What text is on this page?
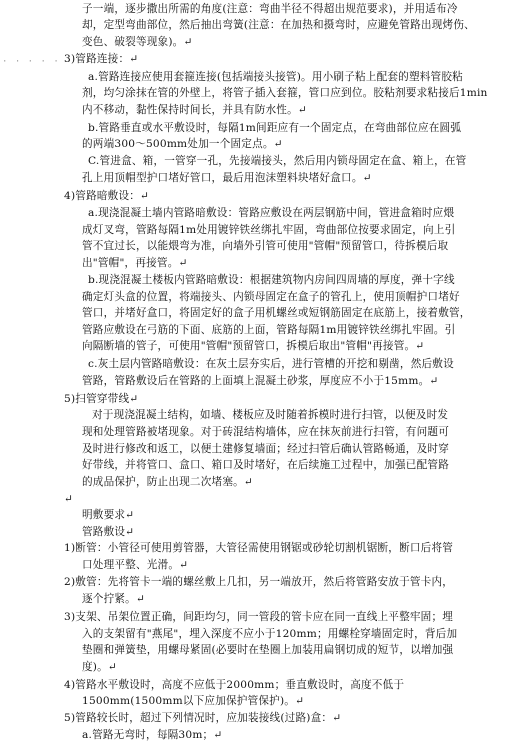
· · · · · · ·
子一端，逐步撒出所需的角度(注意：弯曲半径不得超出规范要求)，并用适布冷
却，定型弯曲部位，然后抽出弯簧(注意：在加热和摄弯时，应避免管路出现烤伤、
变色、破裂等现象)。↵
3)管路连接：↵
a.管路连接应使用套箍连接(包括端接头接管)。用小刷子粘上配套的塑料管胶粘
剂，均匀涂抹在管的外壁上，将管子插入套箍，管口应到位。胶粘剂要求粘接后1min
内不移动，黏性保持时间长，并具有防水性。↵
b.管路垂直或水平敷设时，每隔1m间距应有一个固定点，在弯曲部位应在圆弧
的两端300～500mm处加一个固定点。↵
C.管进盒、箱，一管穿一孔，先接端接头，然后用内锁母固定在盒、箱上，在管
孔上用顶帽型护口堵好管口，最后用泡沫塑料块堵好盒口。↵
4)管路暗敷设：↵
a.现浇混凝土墙内管路暗敷设：管路应敷设在两层钢筋中间，管进盒箱时应煨
成灯叉弯，管路每隔1m处用镀锌铁丝绑扎牢固，弯曲部位按要求固定，向上引
管不宜过长，以能煨弯为准，向墙外引管可使用"管帽"预留管口，待拆模后取
出"管帽"，再接管。↵
b.现浇混凝土楼板内管路暗敷设：根据建筑物内房间四周墙的厚度，弹十字线
确定灯头盒的位置，将端接头、内锁母固定在盒子的管孔上，使用顶帽护口堵好
管口，并堵好盒口，将固定好的盒子用机螺丝或短钢筋固定在底筋上，接着敷管，
管路应敷设在弓筋的下面、底筋的上面，管路每隔1m用镀锌铁丝绑扎牢固。引
向隔断墙的管子，可使用"管帽"预留管口，拆模后取出"管帽"再接管。↵
c.灰土层内管路暗敷设：在灰土层夯实后，进行管槽的开挖和剔凿，然后敷设
管路，管路敷设后在管路的上面填上混凝土砂浆，厚度应不小于15mm。↵
5)扫管穿带线↵
对于现浇混凝土结构，如墙、楼板应及时随着拆模时进行扫管，以便及时发
现和处理管路被堵现象。对于砖混结构墙体，应在抹灰前进行扫管，有问题可
及时进行修改和返工，以便土建修复墙面；经过扫管后确认管路畅通，及时穿
好带线，并将管口、盒口、箱口及时堵好，在后续施工过程中，加强已配管路
的成品保护，防止出现二次堵塞。↵
↵
明敷要求↵
管路敷设↵
1)断管：小管径可使用剪管器，大管径需使用钢锯或砂轮切割机锯断，断口后将管
口处理平整、光滑。↵
2)敷管：先将管卡一端的螺丝敷上几扣，另一端放开，然后将管路安放于管卡内，
逐个拧紧。↵
3)支架、吊架位置正确，间距均匀，同一管段的管卡应在同一直线上平整牢固；埋
入的支架留有"燕尾"，埋入深度不应小于120mm；用螺栓穿墙固定时，背后加
垫圈和弹簧垫，用螺母紧固(必要时在垫圈上加装用扁钢切成的短节，以增加强
度)。↵
4)管路水平敷设时，高度不应低于2000mm；垂直敷设时，高度不低于
1500mm(1500mm以下应加保护管保护)。↵
5)管路较长时，超过下列情况时，应加装接线(过路)盒：↵
a.管路无弯时，每隔30m；↵
